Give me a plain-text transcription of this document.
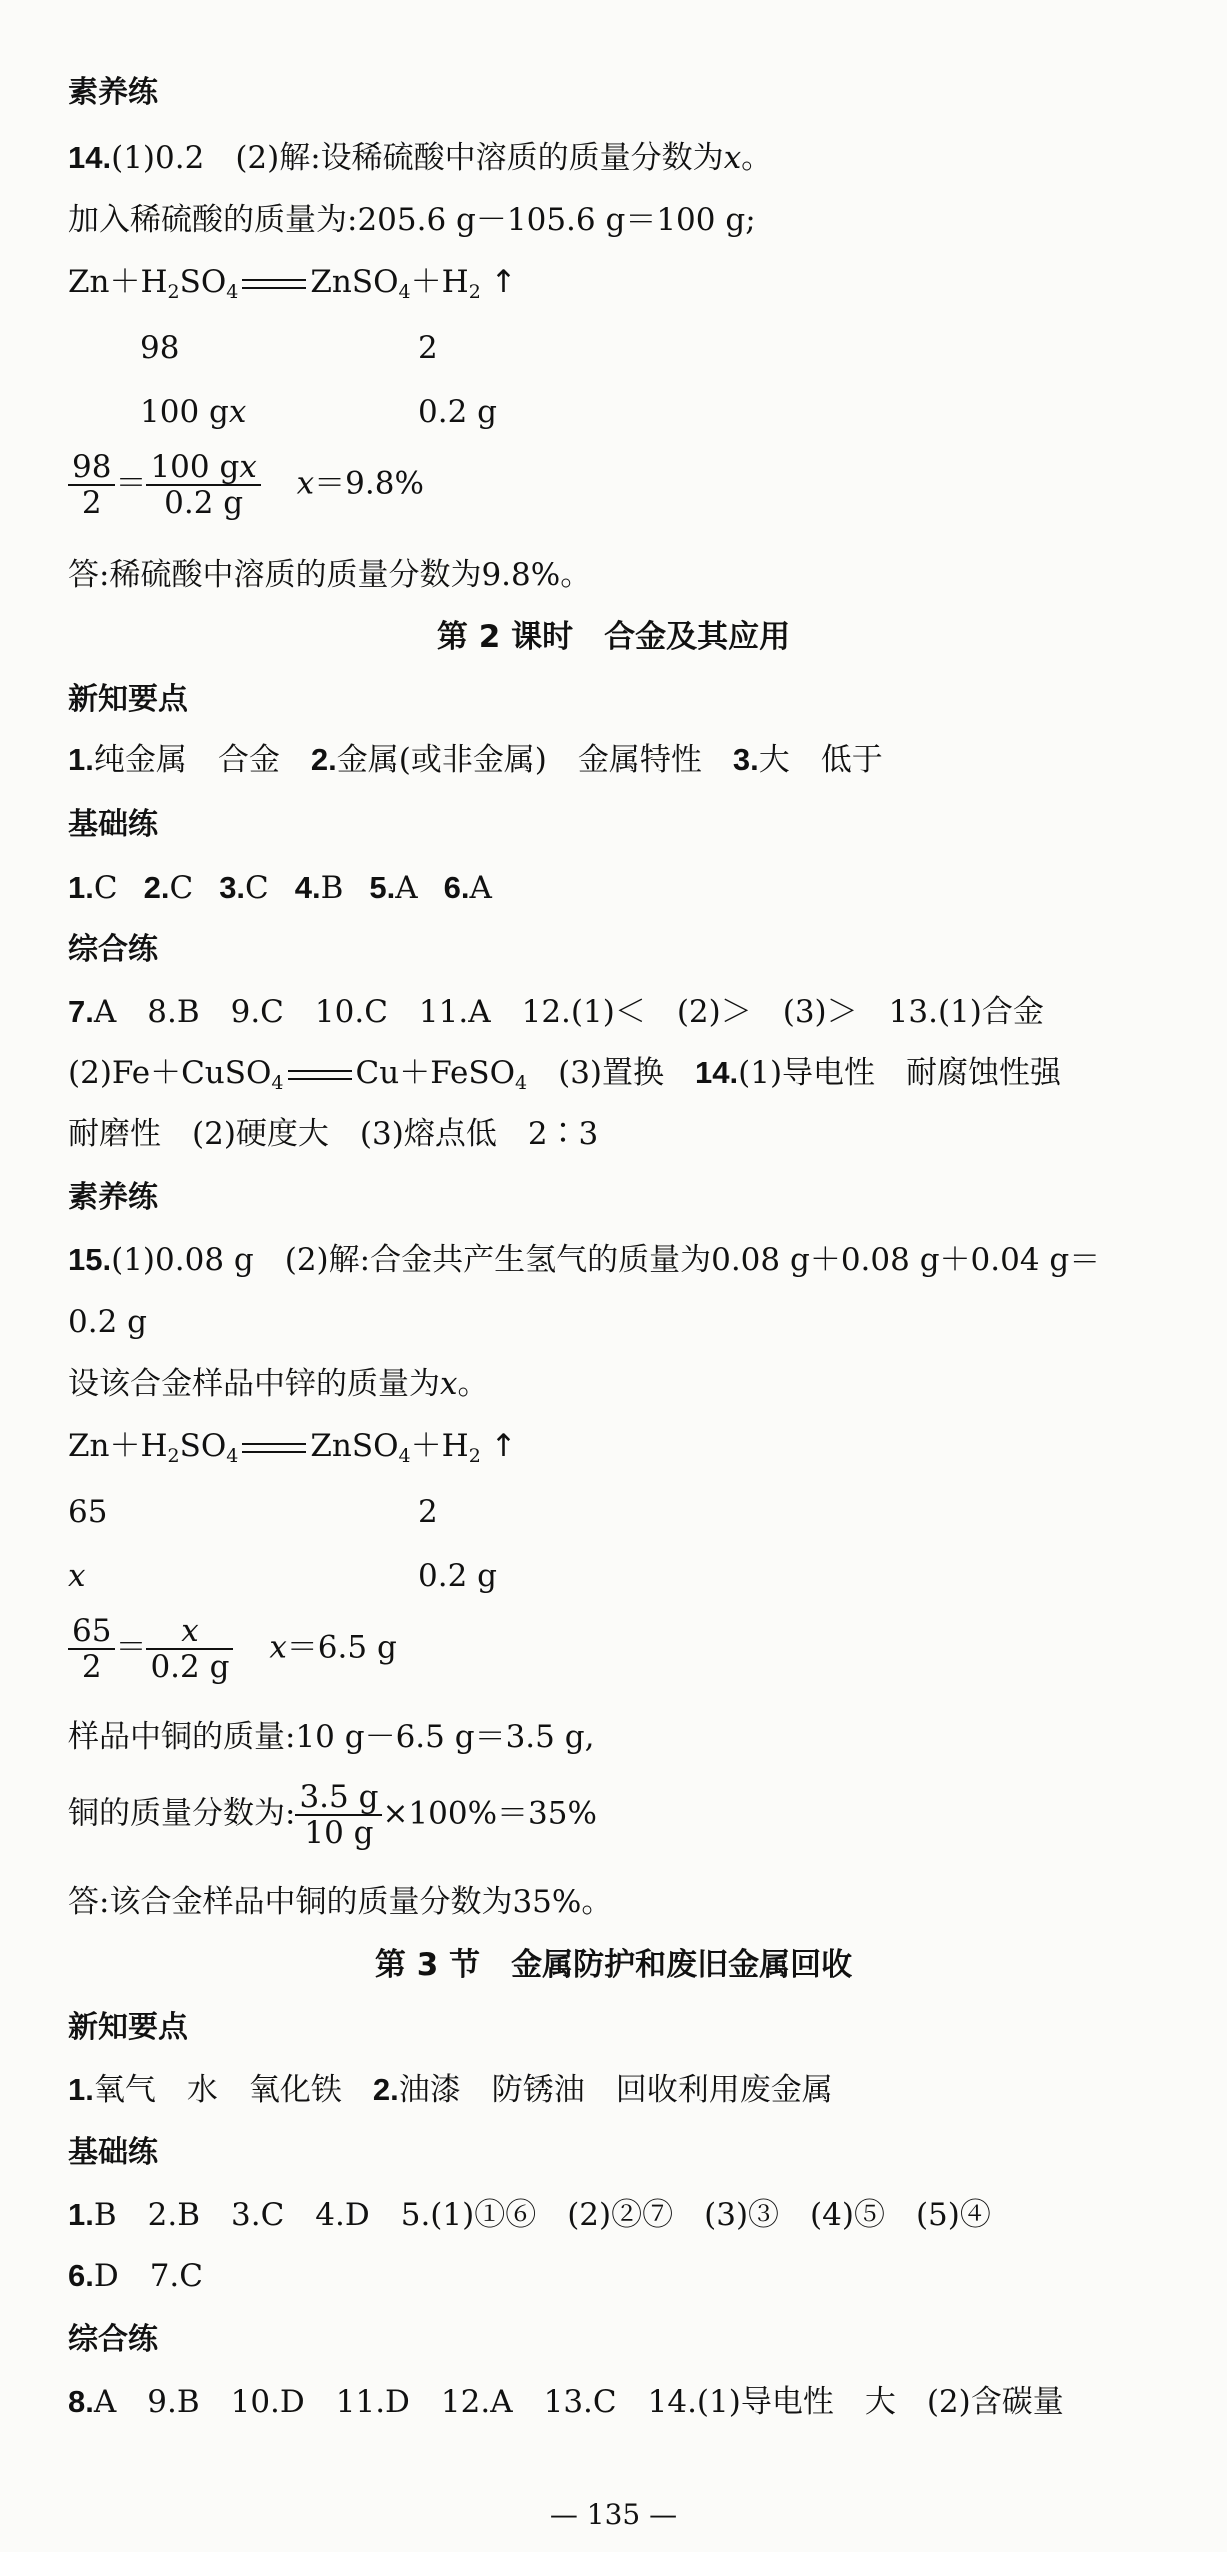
素养练
14.(1)0.2　(2)解:设稀硫酸中溶质的质量分数为x。
加入稀硫酸的质量为:205.6 g－105.6 g＝100 g;
$Zn+H_2SO_4$ $ZnSO_4+H_2$ ↑
98	2
100 gx	0.2 g
$\frac{98}{2} = \frac{100 gx}{0.2 g} x=9.8\%$
答:稀硫酸中溶质的质量分数为9.8%。
第 2 课时　合金及其应用
新知要点
1.纯金属　合金　2.金属(或非金属)　金属特性　3.大　低于
基础练
1.C 2.C 3.C 4.B 5.A 6.A
综合练
7.A　8.B　9.C　10.C　11.A　12.(1)＜　(2)＞　(3)＞　13.(1)合金
(2)Fe＋CuSO$_4$ Cu＋FeSO$_4$　(3)置换　14.(1)导电性　耐腐蚀性强
耐磨性　(2)硬度大　(3)熔点低　2∶3
素养练
15.(1)0.08 g　(2)解:合金共产生氢气的质量为0.08 g＋0.08 g＋0.04 g＝
0.2 g
设该合金样品中锌的质量为x。
$Zn+H_2SO_4$ $ZnSO_4+H_2$ ↑
65	2
x	0.2 g
$\frac{65}{2} = \frac{x}{0.2 g} x=6.5$ g
样品中铜的质量:10 g－6.5 g＝3.5 g,
铜的质量分数为: $\frac{3.5 g}{10 g} \times 100\%=35\%$
答:该合金样品中铜的质量分数为35%。
第 3 节　金属防护和废旧金属回收
新知要点
1.氧气　水　氧化铁　2.油漆　防锈油　回收利用废金属
基础练
1.B　2.B　3.C　4.D　5.(1)①⑥　(2)②⑦　(3)③　(4)⑤　(5)④
6.D　7.C
综合练
8.A　9.B　10.D　11.D　12.A　13.C　14.(1)导电性　大　(2)含碳量
— 135 —
